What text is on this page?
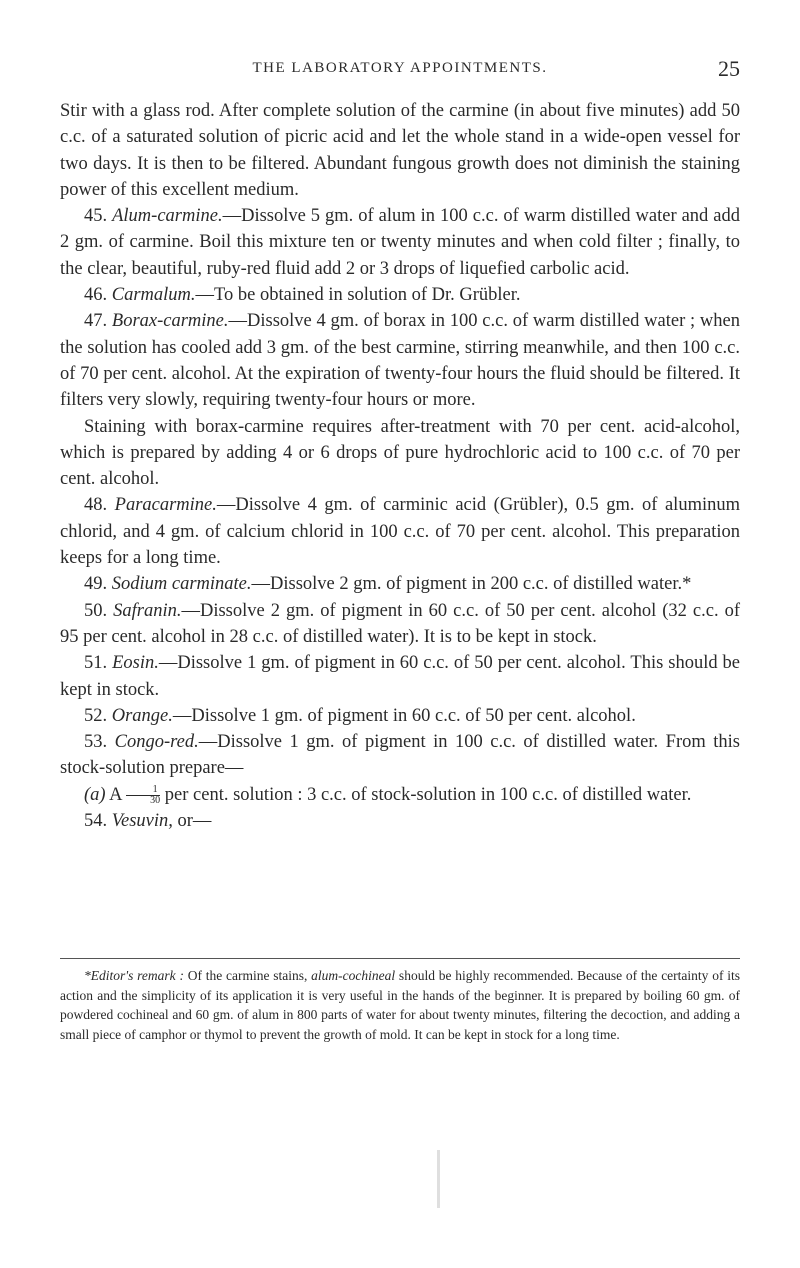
THE LABORATORY APPOINTMENTS.	25

Stir with a glass rod. After complete solution of the carmine (in about five minutes) add 50 c.c. of a saturated solution of picric acid and let the whole stand in a wide-open vessel for two days. It is then to be filtered. Abundant fungous growth does not diminish the staining power of this excellent medium.

45. Alum-carmine.—Dissolve 5 gm. of alum in 100 c.c. of warm distilled water and add 2 gm. of carmine. Boil this mixture ten or twenty minutes and when cold filter ; finally, to the clear, beautiful, ruby-red fluid add 2 or 3 drops of liquefied carbolic acid.

46. Carmalum.—To be obtained in solution of Dr. Grübler.

47. Borax-carmine.—Dissolve 4 gm. of borax in 100 c.c. of warm distilled water ; when the solution has cooled add 3 gm. of the best carmine, stirring meanwhile, and then 100 c.c. of 70 per cent. alcohol. At the expiration of twenty-four hours the fluid should be filtered. It filters very slowly, requiring twenty-four hours or more.

Staining with borax-carmine requires after-treatment with 70 per cent. acid-alcohol, which is prepared by adding 4 or 6 drops of pure hydrochloric acid to 100 c.c. of 70 per cent. alcohol.

48. Paracarmine.—Dissolve 4 gm. of carminic acid (Grübler), 0.5 gm. of aluminum chlorid, and 4 gm. of calcium chlorid in 100 c.c. of 70 per cent. alcohol. This preparation keeps for a long time.

49. Sodium carminate.—Dissolve 2 gm. of pigment in 200 c.c. of distilled water.*

50. Safranin.—Dissolve 2 gm. of pigment in 60 c.c. of 50 per cent. alcohol (32 c.c. of 95 per cent. alcohol in 28 c.c. of distilled water). It is to be kept in stock.

51. Eosin.—Dissolve 1 gm. of pigment in 60 c.c. of 50 per cent. alcohol. This should be kept in stock.

52. Orange.—Dissolve 1 gm. of pigment in 60 c.c. of 50 per cent. alcohol.

53. Congo-red.—Dissolve 1 gm. of pigment in 100 c.c. of distilled water. From this stock-solution prepare—

(a) A $\frac{1}{30}$ per cent. solution : 3 c.c. of stock-solution in 100 c.c. of distilled water.

54. Vesuvin, or—

*Editor's remark : Of the carmine stains, alum-cochineal should be highly recommended. Because of the certainty of its action and the simplicity of its application it is very useful in the hands of the beginner. It is prepared by boiling 60 gm. of powdered cochineal and 60 gm. of alum in 800 parts of water for about twenty minutes, filtering the decoction, and adding a small piece of camphor or thymol to prevent the growth of mold. It can be kept in stock for a long time.
